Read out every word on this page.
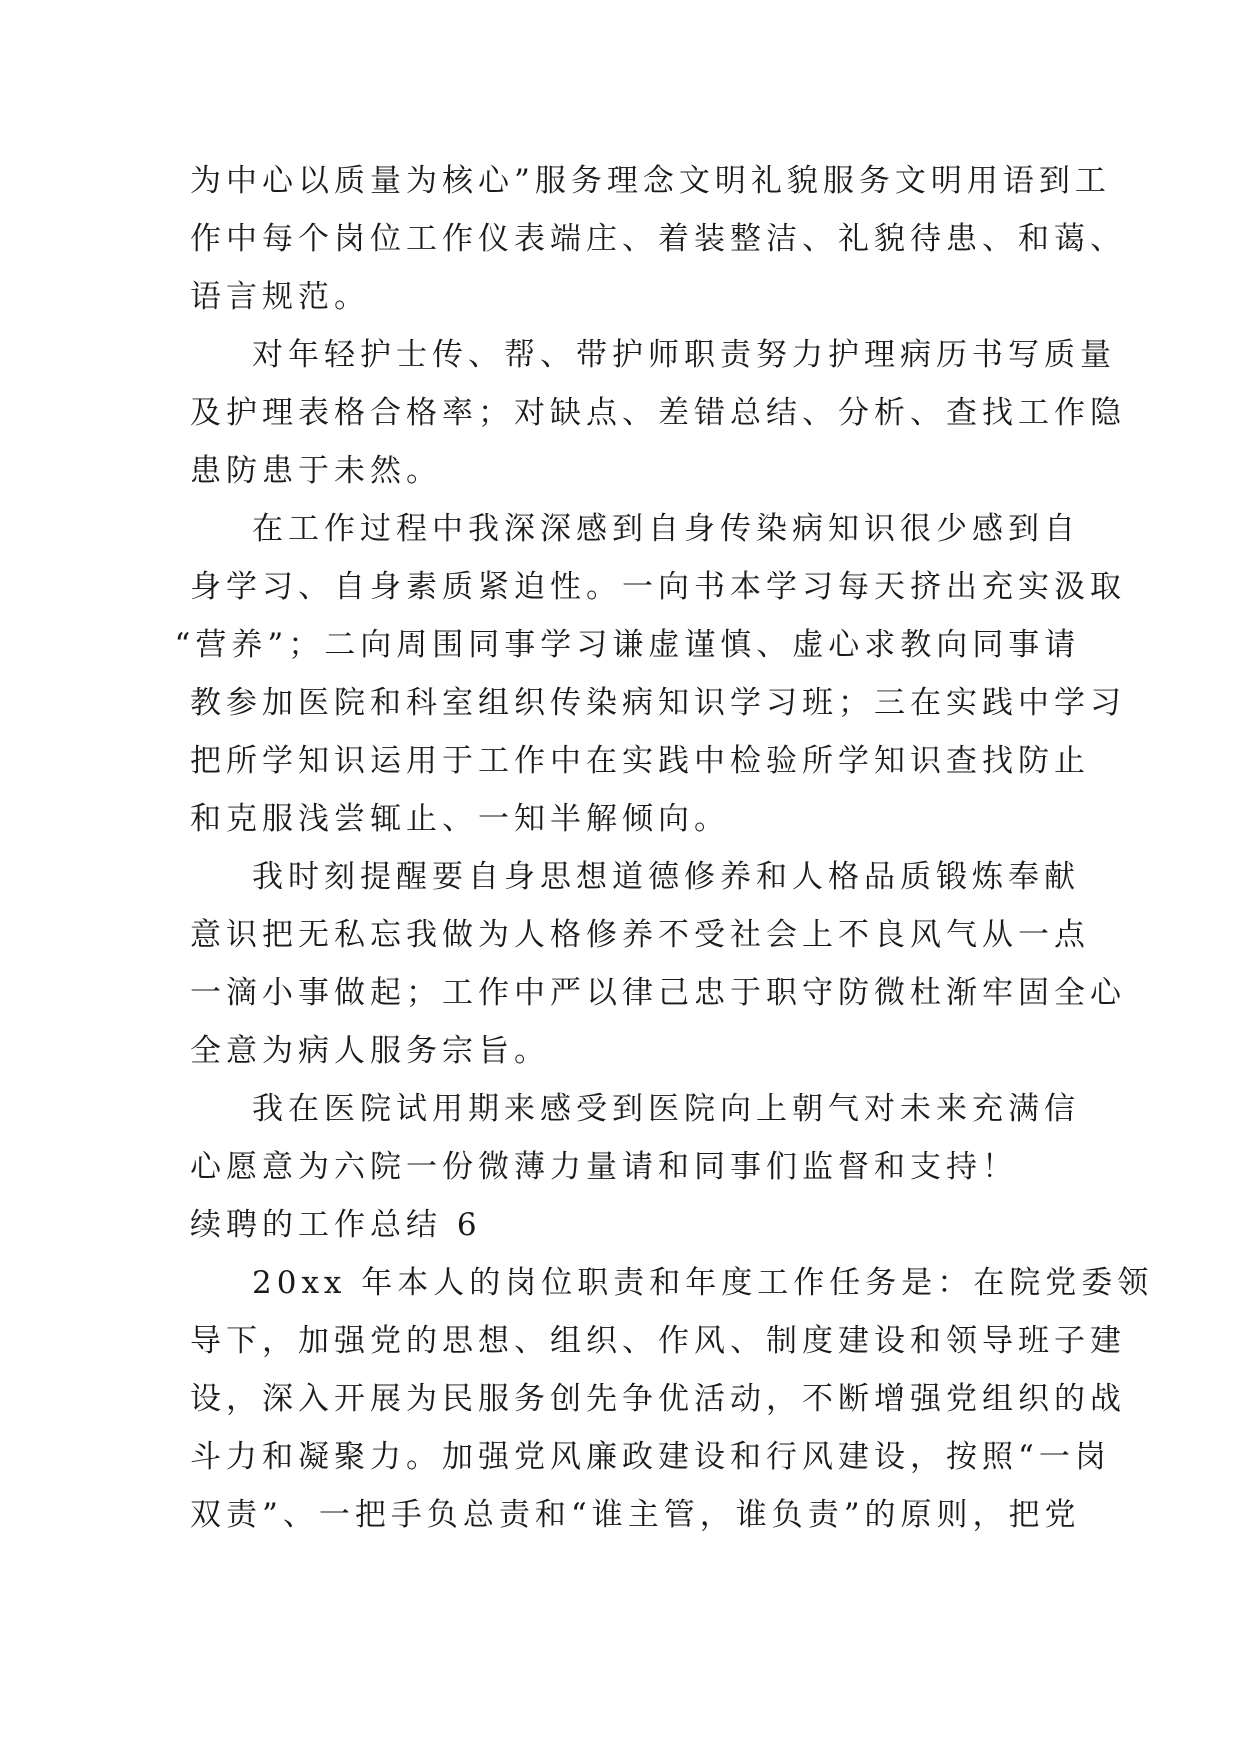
为中心以质量为核心”服务理念文明礼貌服务文明用语到工
作中每个岗位工作仪表端庄、着装整洁、礼貌待患、和蔼、
语言规范。

对年轻护士传、帮、带护师职责努力护理病历书写质量
及护理表格合格率；对缺点、差错总结、分析、查找工作隐
患防患于未然。

在工作过程中我深深感到自身传染病知识很少感到自
身学习、自身素质紧迫性。一向书本学习每天挤出充实汲取
“营养”；二向周围同事学习谦虚谨慎、虚心求教向同事请
教参加医院和科室组织传染病知识学习班；三在实践中学习
把所学知识运用于工作中在实践中检验所学知识查找防止
和克服浅尝辄止、一知半解倾向。

我时刻提醒要自身思想道德修养和人格品质锻炼奉献
意识把无私忘我做为人格修养不受社会上不良风气从一点
一滴小事做起；工作中严以律己忠于职守防微杜渐牢固全心
全意为病人服务宗旨。

我在医院试用期来感受到医院向上朝气对未来充满信
心愿意为六院一份微薄力量请和同事们监督和支持！

续聘的工作总结 6

20xx 年本人的岗位职责和年度工作任务是：在院党委领
导下，加强党的思想、组织、作风、制度建设和领导班子建
设，深入开展为民服务创先争优活动，不断增强党组织的战
斗力和凝聚力。加强党风廉政建设和行风建设，按照“一岗
双责”、一把手负总责和“谁主管，谁负责”的原则，把党
